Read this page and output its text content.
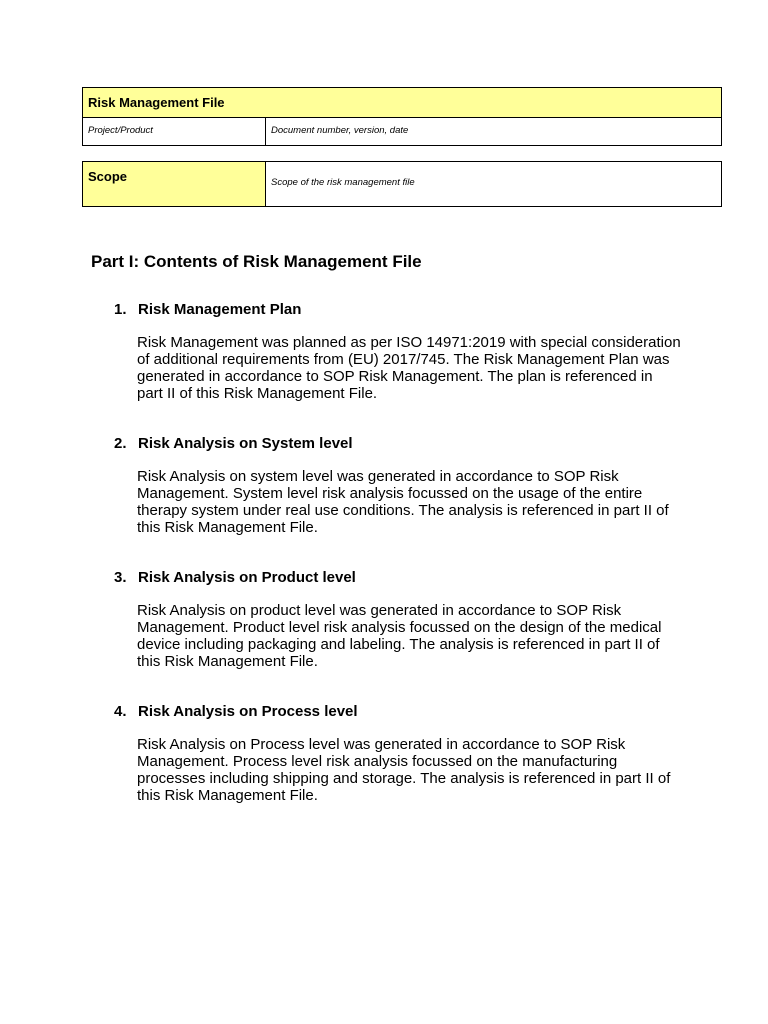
Risk Management File
Project/Product	Document number, version, date
Scope	Scope of the risk management file
Part I: Contents of Risk Management File
1. Risk Management Plan

Risk Management was planned as per ISO 14971:2019 with special consideration of additional requirements from (EU) 2017/745. The Risk Management Plan was generated in accordance to SOP Risk Management. The plan is referenced in part II of this Risk Management File.

2. Risk Analysis on System level

Risk Analysis on system level was generated in accordance to SOP Risk Management. System level risk analysis focussed on the usage of the entire therapy system under real use conditions. The analysis is referenced in part II of this Risk Management File.

3. Risk Analysis on Product level

Risk Analysis on product level was generated in accordance to SOP Risk Management. Product level risk analysis focussed on the design of the medical device including packaging and labeling. The analysis is referenced in part II of this Risk Management File.

4. Risk Analysis on Process level

Risk Analysis on Process level was generated in accordance to SOP Risk Management. Process level risk analysis focussed on the manufacturing processes including shipping and storage. The analysis is referenced in part II of this Risk Management File.
